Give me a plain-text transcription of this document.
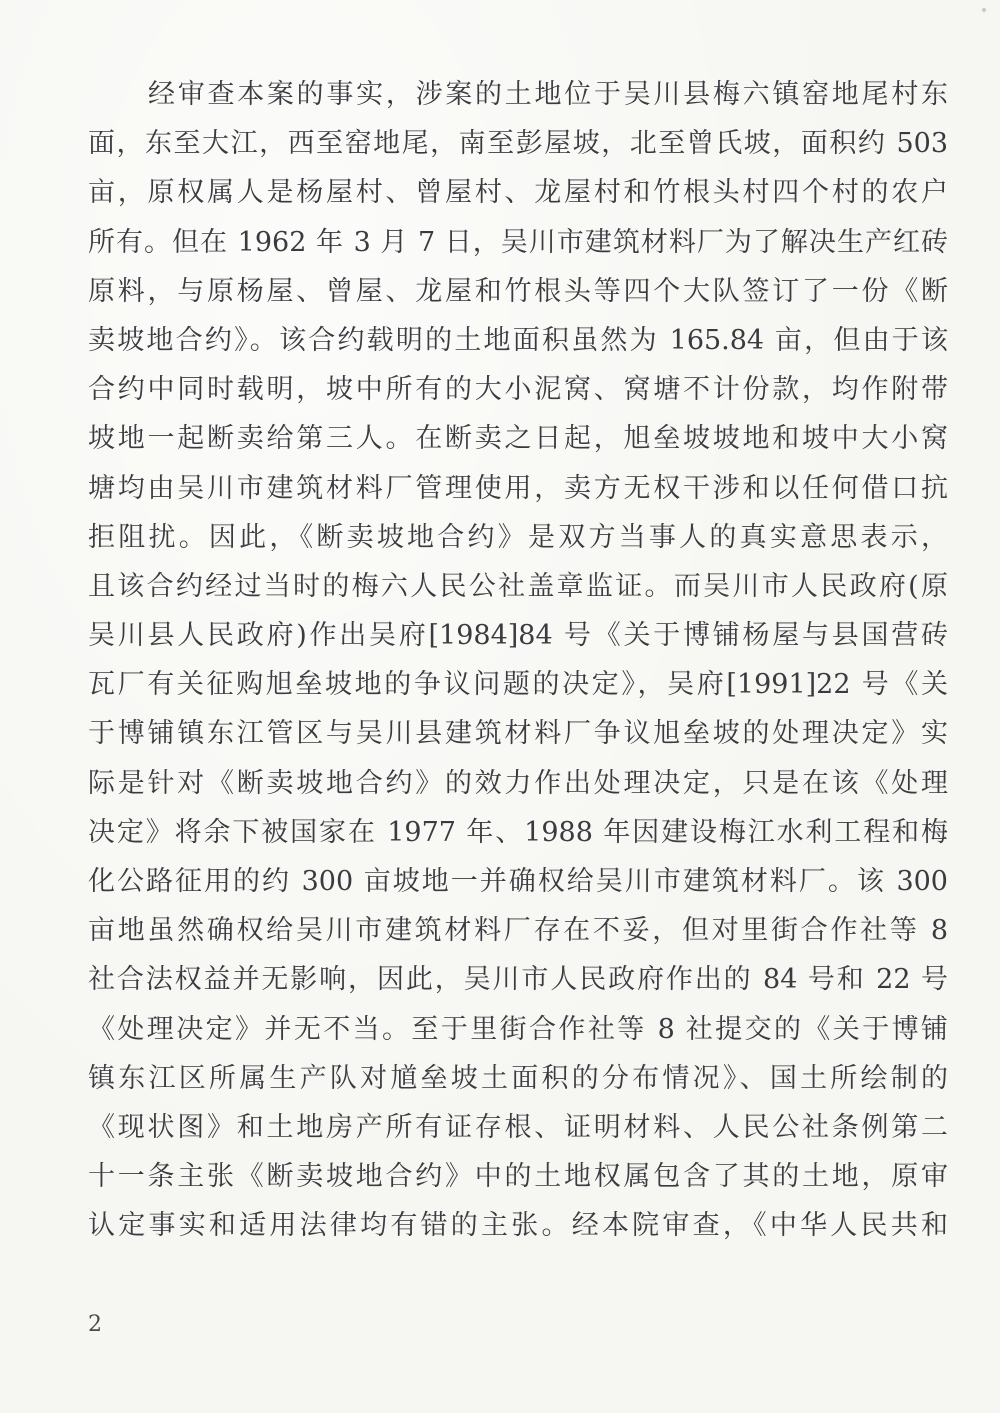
经审查本案的事实，涉案的土地位于吴川县梅六镇窑地尾村东
面，东至大江，西至窑地尾，南至彭屋坡，北至曾氏坡，面积约 503
亩，原权属人是杨屋村、曾屋村、龙屋村和竹根头村四个村的农户
所有。但在 1962 年 3 月 7 日，吴川市建筑材料厂为了解决生产红砖
原料，与原杨屋、曾屋、龙屋和竹根头等四个大队签订了一份《断
卖坡地合约》。该合约载明的土地面积虽然为 165.84 亩，但由于该
合约中同时载明，坡中所有的大小泥窝、窝塘不计份款，均作附带
坡地一起断卖给第三人。在断卖之日起，旭垒坡坡地和坡中大小窝
塘均由吴川市建筑材料厂管理使用，卖方无权干涉和以任何借口抗
拒阻扰。因此，《断卖坡地合约》是双方当事人的真实意思表示，
且该合约经过当时的梅六人民公社盖章监证。而吴川市人民政府(原
吴川县人民政府)作出吴府[1984]84 号《关于博铺杨屋与县国营砖
瓦厂有关征购旭垒坡地的争议问题的决定》，吴府[1991]22 号《关
于博铺镇东江管区与吴川县建筑材料厂争议旭垒坡的处理决定》实
际是针对《断卖坡地合约》的效力作出处理决定，只是在该《处理
决定》将余下被国家在 1977 年、1988 年因建设梅江水利工程和梅
化公路征用的约 300 亩坡地一并确权给吴川市建筑材料厂。该 300
亩地虽然确权给吴川市建筑材料厂存在不妥，但对里街合作社等 8
社合法权益并无影响，因此，吴川市人民政府作出的 84 号和 22 号
《处理决定》并无不当。至于里街合作社等 8 社提交的《关于博铺
镇东江区所属生产队对馗垒坡土面积的分布情况》、国土所绘制的
《现状图》和土地房产所有证存根、证明材料、人民公社条例第二
十一条主张《断卖坡地合约》中的土地权属包含了其的土地，原审
认定事实和适用法律均有错的主张。经本院审查，《中华人民共和
2
